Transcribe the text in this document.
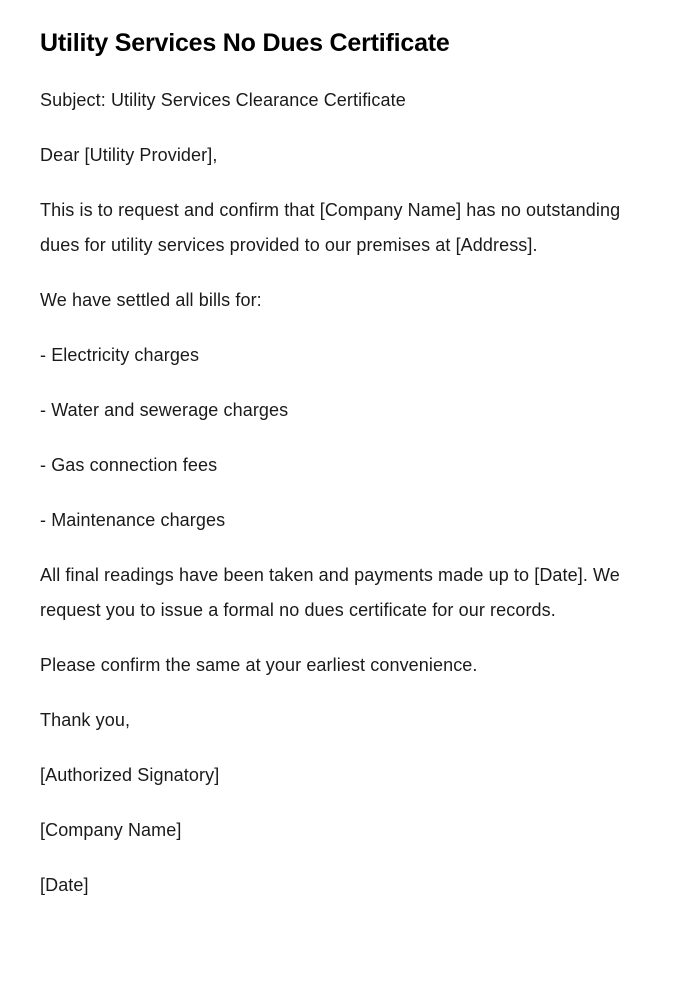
Utility Services No Dues Certificate

Subject: Utility Services Clearance Certificate

Dear [Utility Provider],

This is to request and confirm that [Company Name] has no outstanding dues for utility services provided to our premises at [Address].

We have settled all bills for:

- Electricity charges

- Water and sewerage charges

- Gas connection fees

- Maintenance charges

All final readings have been taken and payments made up to [Date]. We request you to issue a formal no dues certificate for our records.

Please confirm the same at your earliest convenience.

Thank you,

[Authorized Signatory]

[Company Name]

[Date]
